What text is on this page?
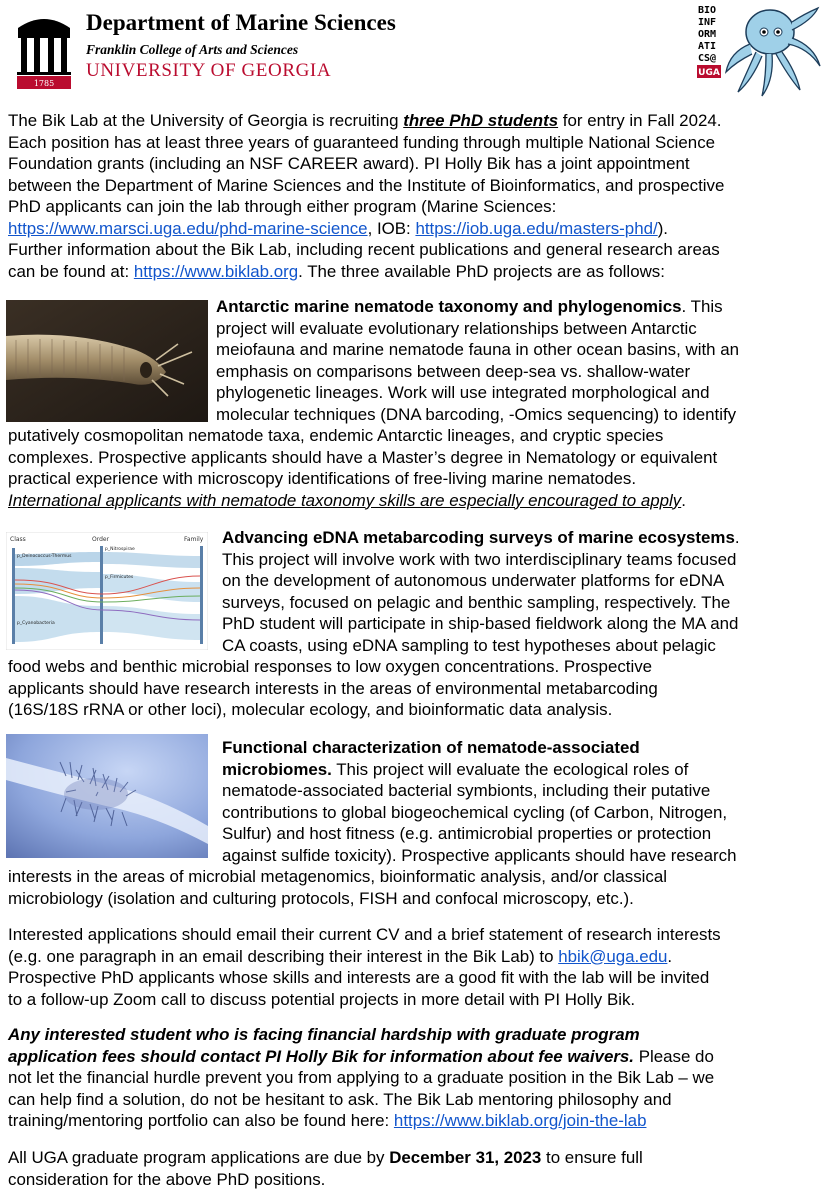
1785
Department of Marine Sciences
Franklin College of Arts and Sciences
UNIVERSITY OF GEORGIA
BIO
INF
ORM
ATI
CS@
UGA
The Bik Lab at the University of Georgia is recruiting three PhD students for entry in Fall 2024.
Each position has at least three years of guaranteed funding through multiple National Science
Foundation grants (including an NSF CAREER award). PI Holly Bik has a joint appointment
between the Department of Marine Sciences and the Institute of Bioinformatics, and prospective
PhD applicants can join the lab through either program (Marine Sciences:
https://www.marsci.uga.edu/phd-marine-science, IOB: https://iob.uga.edu/masters-phd/).
Further information about the Bik Lab, including recent publications and general research areas
can be found at: https://www.biklab.org. The three available PhD projects are as follows:
Antarctic marine nematode taxonomy and phylogenomics. This
project will evaluate evolutionary relationships between Antarctic
meiofauna and marine nematode fauna in other ocean basins, with an
emphasis on comparisons between deep-sea vs. shallow-water
phylogenetic lineages. Work will use integrated morphological and
molecular techniques (DNA barcoding, -Omics sequencing) to identify
putatively cosmopolitan nematode taxa, endemic Antarctic lineages, and cryptic species
complexes. Prospective applicants should have a Master’s degree in Nematology or equivalent
practical experience with microscopy identifications of free-living marine nematodes.
International applicants with nematode taxonomy skills are especially encouraged to apply.
Class	Order	Family
p_Deinococcus-Thermus
p_Nitrospirae
p_Firmicutes
p_Cyanobacteria
Advancing eDNA metabarcoding surveys of marine ecosystems.
This project will involve work with two interdisciplinary teams focused
on the development of autonomous underwater platforms for eDNA
surveys, focused on pelagic and benthic sampling, respectively. The
PhD student will participate in ship-based fieldwork along the MA and
CA coasts, using eDNA sampling to test hypotheses about pelagic
food webs and benthic microbial responses to low oxygen concentrations. Prospective
applicants should have research interests in the areas of environmental metabarcoding
(16S/18S rRNA or other loci), molecular ecology, and bioinformatic data analysis.
Functional characterization of nematode-associated
microbiomes. This project will evaluate the ecological roles of
nematode-associated bacterial symbionts, including their putative
contributions to global biogeochemical cycling (of Carbon, Nitrogen,
Sulfur) and host fitness (e.g. antimicrobial properties or protection
against sulfide toxicity). Prospective applicants should have research
interests in the areas of microbial metagenomics, bioinformatic analysis, and/or classical
microbiology (isolation and culturing protocols, FISH and confocal microscopy, etc.).
Interested applications should email their current CV and a brief statement of research interests
(e.g. one paragraph in an email describing their interest in the Bik Lab) to hbik@uga.edu.
Prospective PhD applicants whose skills and interests are a good fit with the lab will be invited
to a follow-up Zoom call to discuss potential projects in more detail with PI Holly Bik.
Any interested student who is facing financial hardship with graduate program
application fees should contact PI Holly Bik for information about fee waivers. Please do
not let the financial hurdle prevent you from applying to a graduate position in the Bik Lab – we
can help find a solution, do not be hesitant to ask. The Bik Lab mentoring philosophy and
training/mentoring portfolio can also be found here: https://www.biklab.org/join-the-lab
All UGA graduate program applications are due by December 31, 2023 to ensure full
consideration for the above PhD positions.
